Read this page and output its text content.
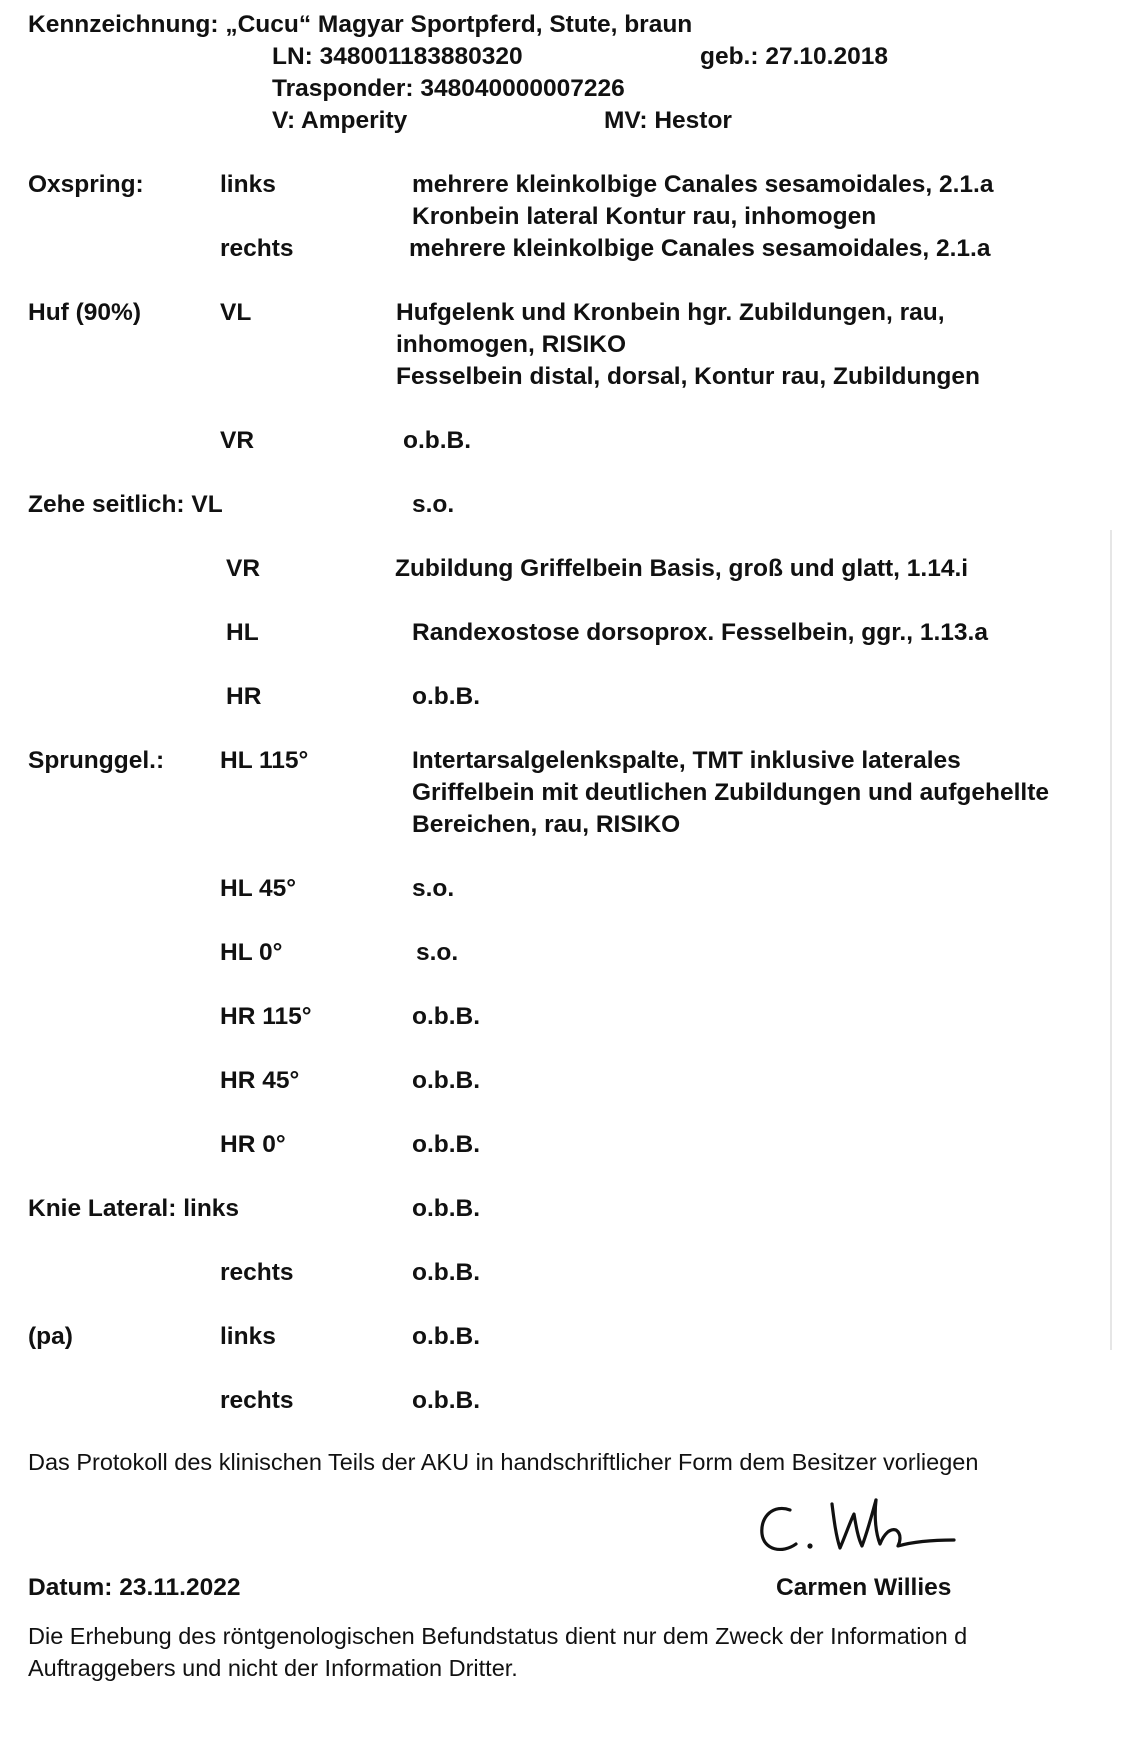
Kennzeichnung: „Cucu“ Magyar Sportpferd, Stute, braun
LN: 348001183880320	geb.: 27.10.2018
Trasponder: 348040000007226
V: Amperity	MV: Hestor
Oxspring:	links	mehrere kleinkolbige Canales sesamoidales, 2.1.a
Kronbein lateral Kontur rau, inhomogen
rechts	mehrere kleinkolbige Canales sesamoidales, 2.1.a
Huf (90%)	VL	Hufgelenk und Kronbein hgr. Zubildungen, rau,
inhomogen, RISIKO
Fesselbein distal, dorsal, Kontur rau, Zubildungen
VR	o.b.B.
Zehe seitlich: VL	s.o.
VR	Zubildung Griffelbein Basis, groß und glatt, 1.14.i
HL	Randexostose dorsoprox. Fesselbein, ggr., 1.13.a
HR	o.b.B.
Sprunggel.: HL 115°	Intertarsalgelenkspalte, TMT inklusive laterales
Griffelbein mit deutlichen Zubildungen und aufgehellte
Bereichen, rau, RISIKO
HL 45°	s.o.
HL 0°	s.o.
HR 115°	o.b.B.
HR 45°	o.b.B.
HR 0°	o.b.B.
Knie Lateral: links	o.b.B.
rechts	o.b.B.
(pa)	links	o.b.B.
rechts	o.b.B.
Das Protokoll des klinischen Teils der AKU in handschriftlicher Form dem Besitzer vorliegen
Datum: 23.11.2022	Carmen Willies
Die Erhebung des röntgenologischen Befundstatus dient nur dem Zweck der Information d
Auftraggebers und nicht der Information Dritter.
